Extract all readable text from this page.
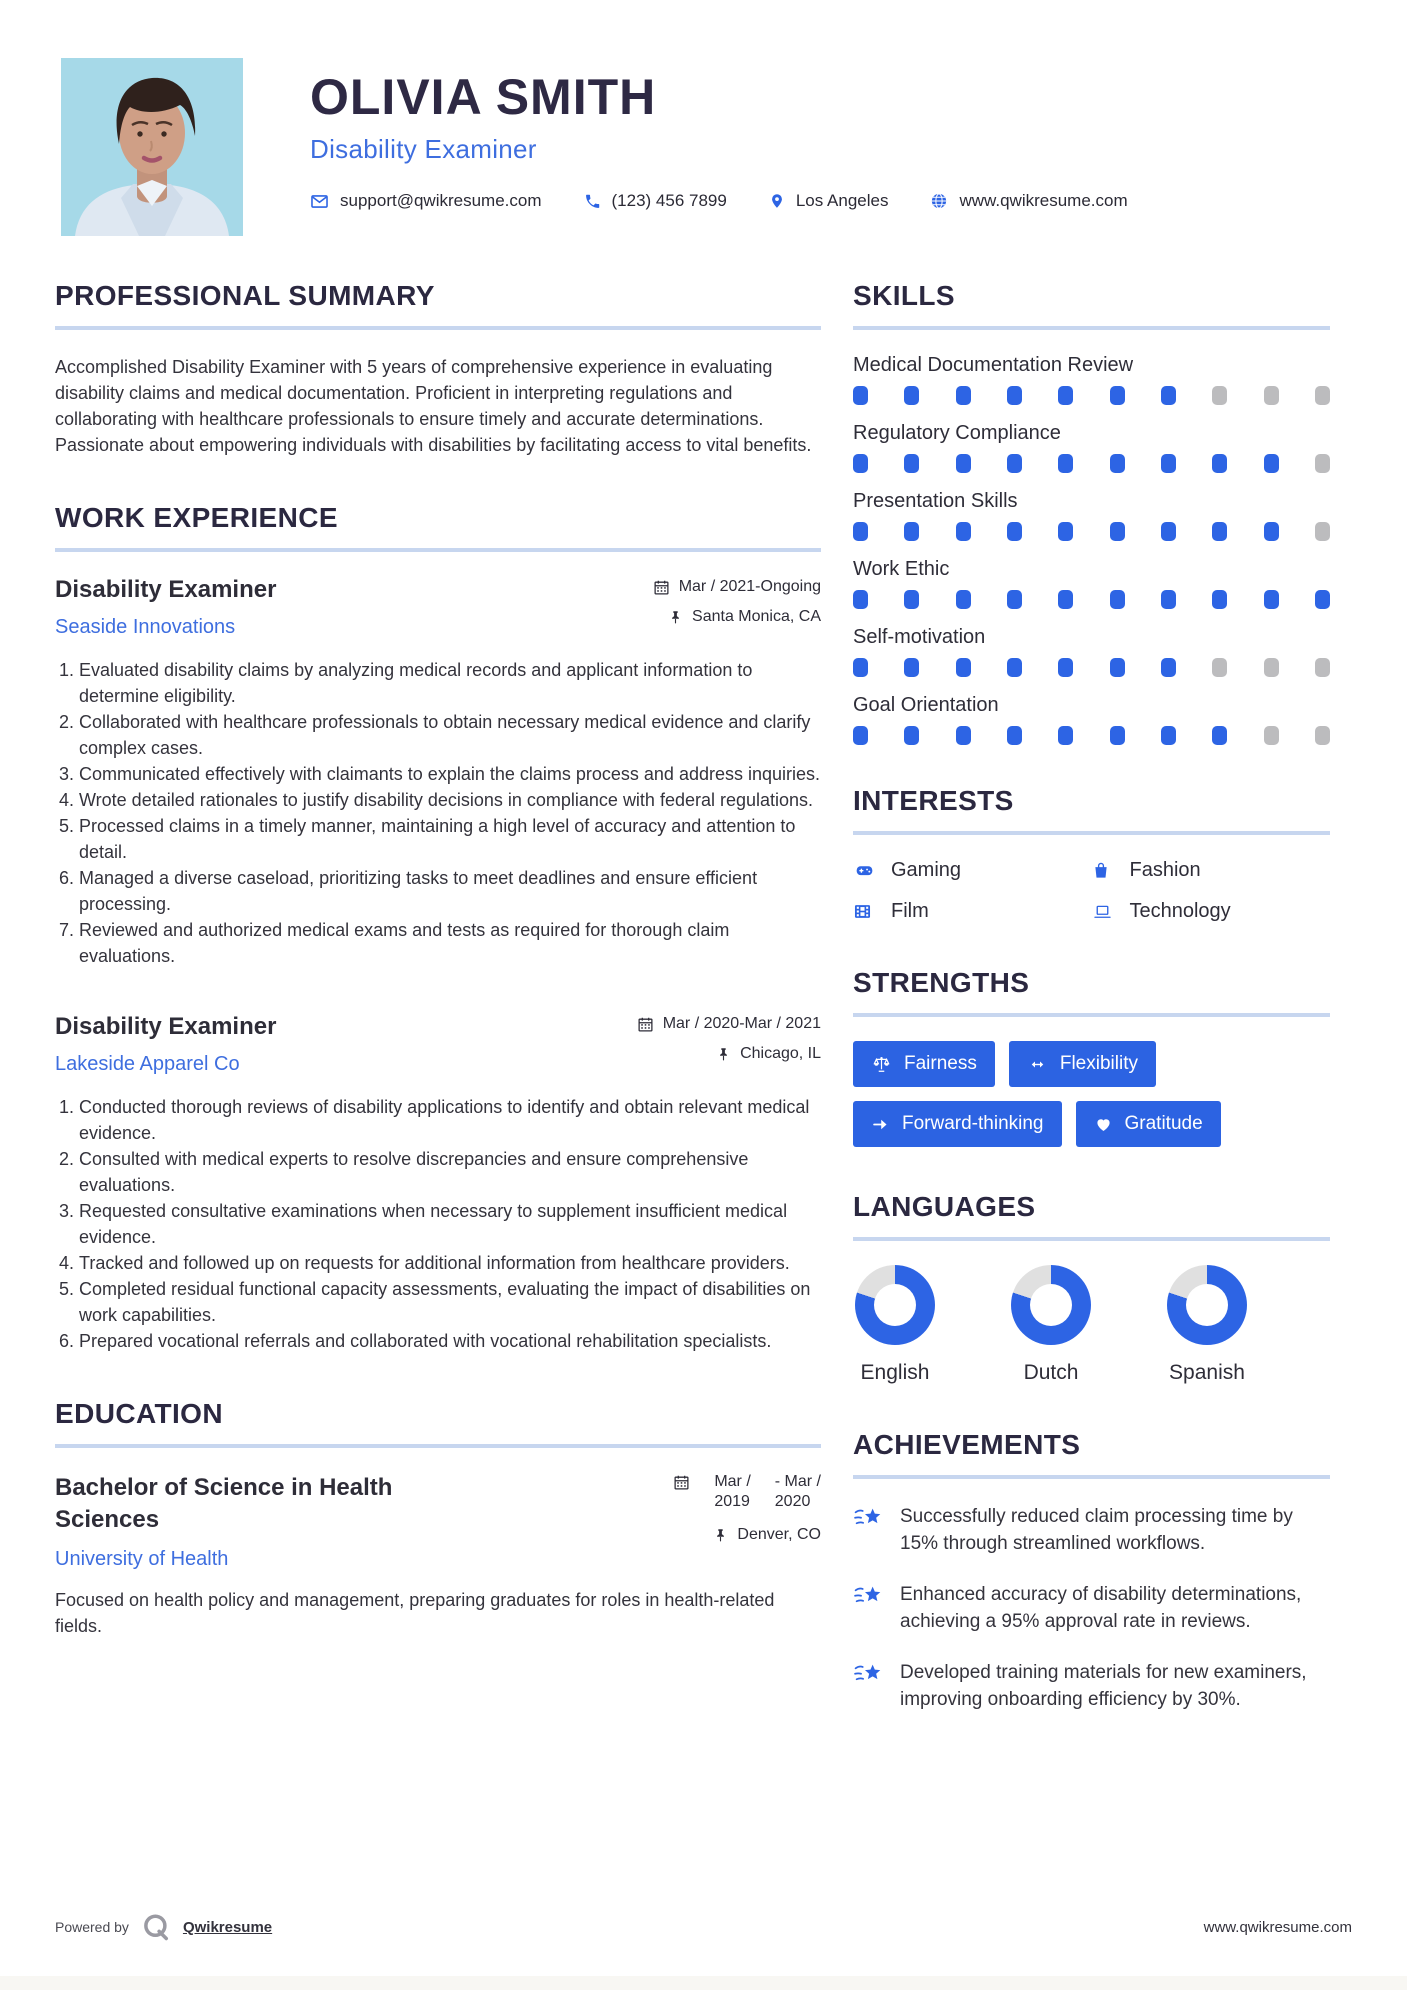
OLIVIA SMITH
Disability Examiner
support@qwikresume.com	(123) 456 7899	Los Angeles	www.qwikresume.com
PROFESSIONAL SUMMARY

Accomplished Disability Examiner with 5 years of comprehensive experience in evaluating disability claims and medical documentation. Proficient in interpreting regulations and collaborating with healthcare professionals to ensure timely and accurate determinations. Passionate about empowering individuals with disabilities by facilitating access to vital benefits.

WORK EXPERIENCE
Disability Examiner
Seaside Innovations
Mar / 2021-Ongoing
Santa Monica, CA
1. Evaluated disability claims by analyzing medical records and applicant information to determine eligibility.
2. Collaborated with healthcare professionals to obtain necessary medical evidence and clarify complex cases.
3. Communicated effectively with claimants to explain the claims process and address inquiries.
4. Wrote detailed rationales to justify disability decisions in compliance with federal regulations.
5. Processed claims in a timely manner, maintaining a high level of accuracy and attention to detail.
6. Managed a diverse caseload, prioritizing tasks to meet deadlines and ensure efficient processing.
7. Reviewed and authorized medical exams and tests as required for thorough claim evaluations.
Disability Examiner
Lakeside Apparel Co
Mar / 2020-Mar / 2021
Chicago, IL
1. Conducted thorough reviews of disability applications to identify and obtain relevant medical evidence.
2. Consulted with medical experts to resolve discrepancies and ensure comprehensive evaluations.
3. Requested consultative examinations when necessary to supplement insufficient medical evidence.
4. Tracked and followed up on requests for additional information from healthcare providers.
5. Completed residual functional capacity assessments, evaluating the impact of disabilities on work capabilities.
6. Prepared vocational referrals and collaborated with vocational rehabilitation specialists.
EDUCATION
Bachelor of Science in Health Sciences
University of Health
Mar /
2019
- Mar /
2020
Denver, CO

Focused on health policy and management, preparing graduates for roles in health-related fields.

SKILLS
Medical Documentation Review
Regulatory Compliance
Presentation Skills
Work Ethic
Self-motivation
Goal Orientation
INTERESTS
Gaming	Fashion
Film	Technology
STRENGTHS
Fairness	Flexibility
Forward-thinking	Gratitude
LANGUAGES
English	Dutch	Spanish
ACHIEVEMENTS

Successfully reduced claim processing time by 15% through streamlined workflows.

Enhanced accuracy of disability determinations, achieving a 95% approval rate in reviews.

Developed training materials for new examiners, improving onboarding efficiency by 30%.

Powered by	Qwikresume	www.qwikresume.com
